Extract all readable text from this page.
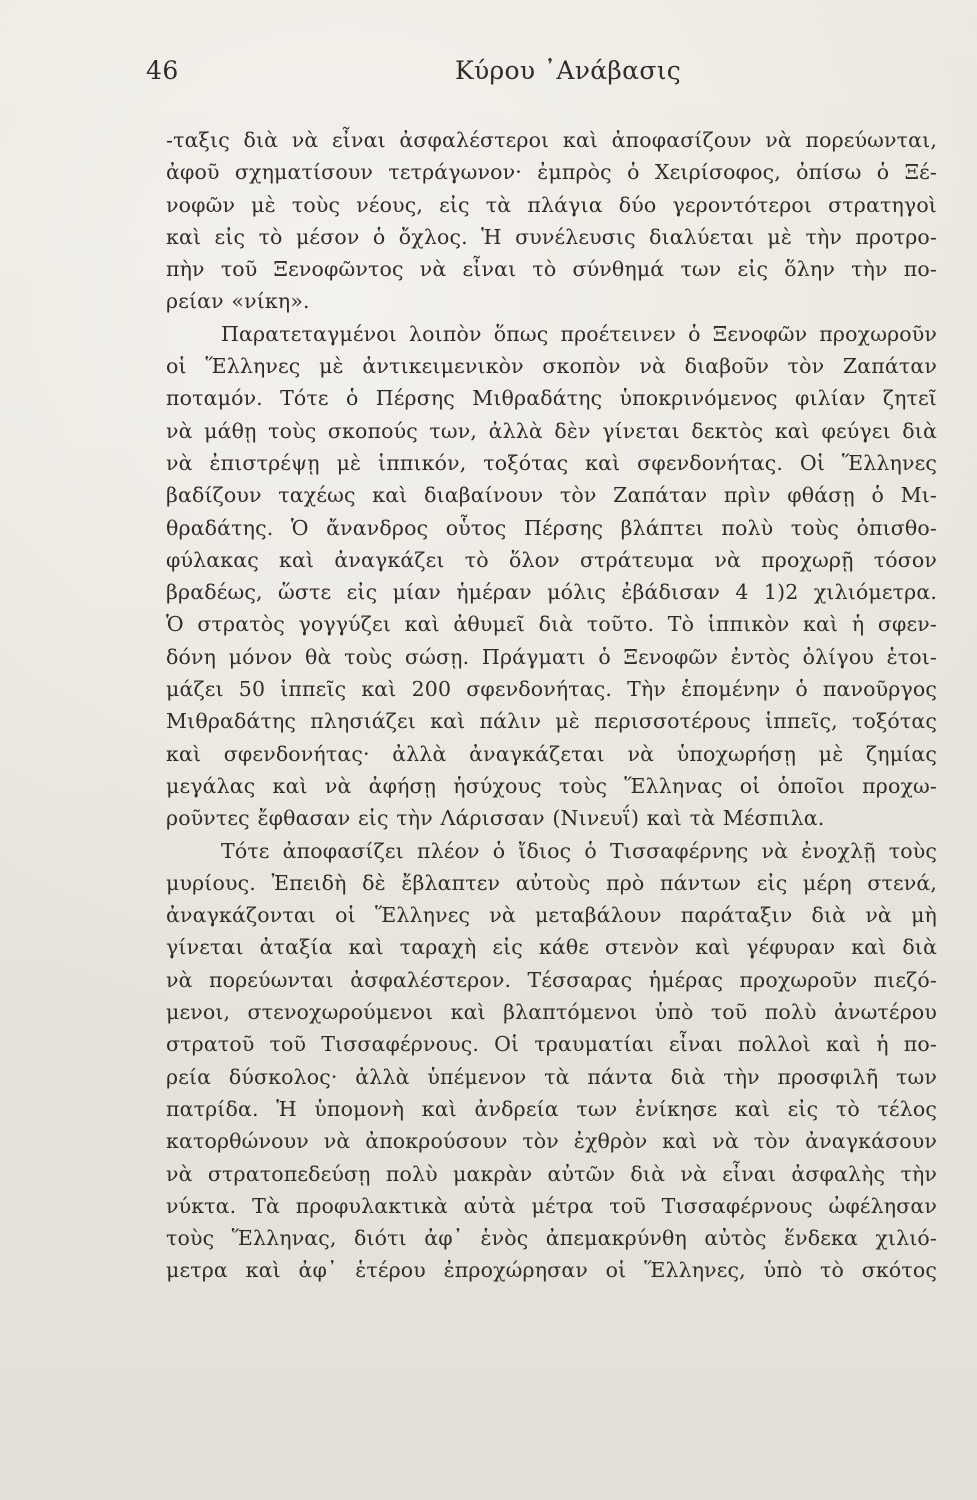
46	Κύρου ᾿Ανάβασις
-ταξις διὰ νὰ εἶναι ἀσφαλέστεροι καὶ ἀποφασίζουν νὰ πορεύωνται,
ἀφοῦ σχηματίσουν τετράγωνον· ἐμπρὸς ὁ Χειρίσοφος, ὀπίσω ὁ Ξέ-
νοφῶν μὲ τοὺς νέους, εἰς τὰ πλάγια δύο γεροντότεροι στρατηγοὶ
καὶ εἰς τὸ μέσον ὁ ὄχλος. Ἡ συνέλευσις διαλύεται μὲ τὴν προτρο-
πὴν τοῦ Ξενοφῶντος νὰ εἶναι τὸ σύνθημά των εἰς ὅλην τὴν πο-
ρείαν «νίκη».
Παρατεταγμένοι λοιπὸν ὅπως προέτεινεν ὁ Ξενοφῶν προχωροῦν
οἱ Ἕλληνες μὲ ἀντικειμενικὸν σκοπὸν νὰ διαβοῦν τὸν Ζαπάταν
ποταμόν. Τότε ὁ Πέρσης Μιθραδάτης ὑποκρινόμενος φιλίαν ζητεῖ
νὰ μάθῃ τοὺς σκοπούς των, ἀλλὰ δὲν γίνεται δεκτὸς καὶ φεύγει διὰ
νὰ ἐπιστρέψῃ μὲ ἱππικόν, τοξότας καὶ σφενδονήτας. Οἱ Ἕλληνες
βαδίζουν ταχέως καὶ διαβαίνουν τὸν Ζαπάταν πρὶν φθάσῃ ὁ Μι-
θραδάτης. Ὁ ἄνανδρος οὗτος Πέρσης βλάπτει πολὺ τοὺς ὀπισθο-
φύλακας καὶ ἀναγκάζει τὸ ὅλον στράτευμα νὰ προχωρῇ τόσον
βραδέως, ὥστε εἰς μίαν ἡμέραν μόλις ἐβάδισαν 4 1)2 χιλιόμετρα.
Ὁ στρατὸς γογγύζει καὶ ἀθυμεῖ διὰ τοῦτο. Τὸ ἱππικὸν καὶ ἡ σφεν-
δόνη μόνον θὰ τοὺς σώσῃ. Πράγματι ὁ Ξενοφῶν ἐντὸς ὀλίγου ἑτοι-
μάζει 50 ἱππεῖς καὶ 200 σφενδονήτας. Τὴν ἑπομένην ὁ πανοῦργος
Μιθραδάτης πλησιάζει καὶ πάλιν μὲ περισσοτέρους ἱππεῖς, τοξότας
καὶ σφενδονήτας· ἀλλὰ ἀναγκάζεται νὰ ὑποχωρήσῃ μὲ ζημίας
μεγάλας καὶ νὰ ἀφήσῃ ἡσύχους τοὺς Ἕλληνας οἱ ὁποῖοι προχω-
ροῦντες ἔφθασαν εἰς τὴν Λάρισσαν (Νινευΐ) καὶ τὰ Μέσπιλα.
Τότε ἀποφασίζει πλέον ὁ ἴδιος ὁ Τισσαφέρνης νὰ ἐνοχλῇ τοὺς
μυρίους. Ἐπειδὴ δὲ ἔβλαπτεν αὐτοὺς πρὸ πάντων εἰς μέρη στενά,
ἀναγκάζονται οἱ Ἕλληνες νὰ μεταβάλουν παράταξιν διὰ νὰ μὴ
γίνεται ἀταξία καὶ ταραχὴ εἰς κάθε στενὸν καὶ γέφυραν καὶ διὰ
νὰ πορεύωνται ἀσφαλέστερον. Τέσσαρας ἡμέρας προχωροῦν πιεζό-
μενοι, στενοχωρούμενοι καὶ βλαπτόμενοι ὑπὸ τοῦ πολὺ ἀνωτέρου
στρατοῦ τοῦ Τισσαφέρνους. Οἱ τραυματίαι εἶναι πολλοὶ καὶ ἡ πο-
ρεία δύσκολος· ἀλλὰ ὑπέμενον τὰ πάντα διὰ τὴν προσφιλῆ των
πατρίδα. Ἡ ὑπομονὴ καὶ ἀνδρεία των ἐνίκησε καὶ εἰς τὸ τέλος
κατορθώνουν νὰ ἀποκρούσουν τὸν ἐχθρὸν καὶ νὰ τὸν ἀναγκάσουν
νὰ στρατοπεδεύσῃ πολὺ μακρὰν αὐτῶν διὰ νὰ εἶναι ἀσφαλὴς τὴν
νύκτα. Τὰ προφυλακτικὰ αὐτὰ μέτρα τοῦ Τισσαφέρνους ὠφέλησαν
τοὺς Ἕλληνας, διότι ἀφ᾿ ἑνὸς ἀπεμακρύνθη αὐτὸς ἕνδεκα χιλιό-
μετρα καὶ ἀφ᾿ ἑτέρου ἐπροχώρησαν οἱ Ἕλληνες, ὑπὸ τὸ σκότος
